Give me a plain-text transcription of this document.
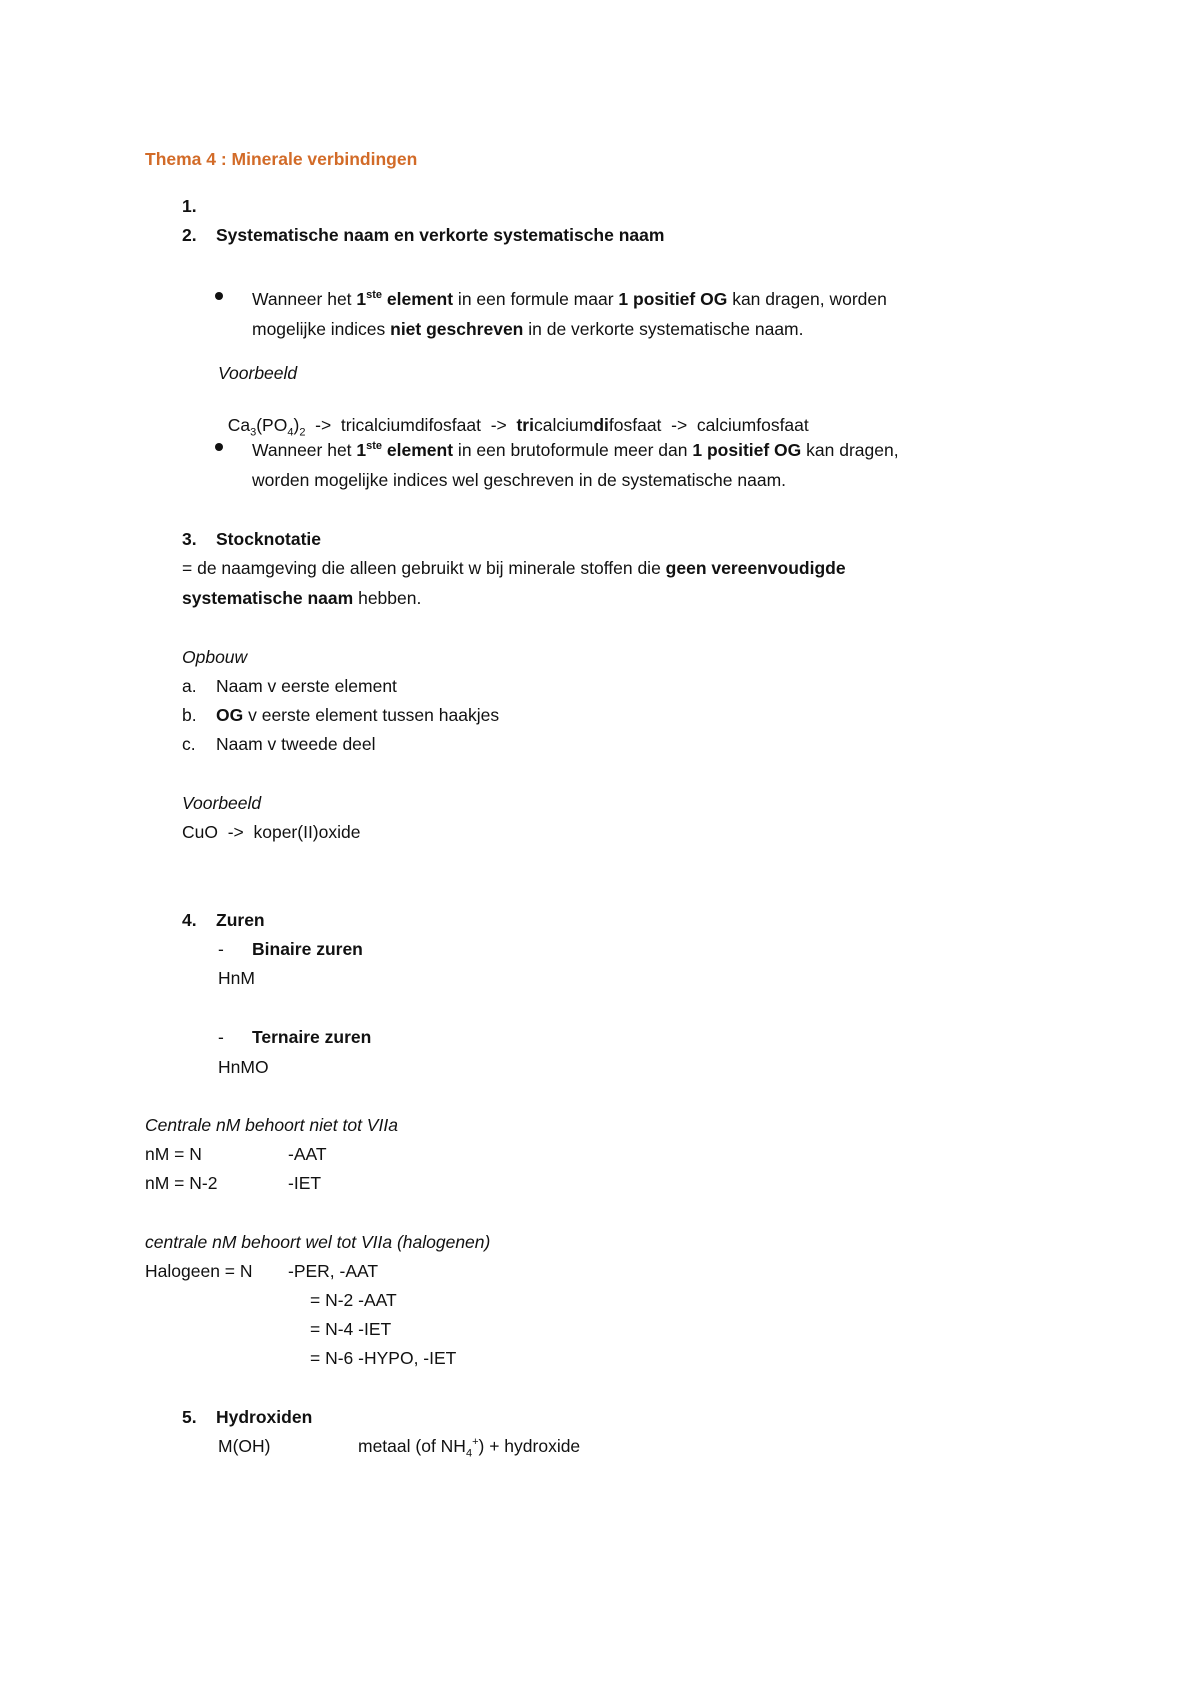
Thema 4 : Minerale verbindingen
1.
2. Systematische naam en verkorte systematische naam
Wanneer het 1ste element in een formule maar 1 positief OG kan dragen, worden
mogelijke indices niet geschreven in de verkorte systematische naam.
Voorbeeld

$Ca_3(PO_4)_2$  ->  tricalciumdifosfaat  ->  tricalciumdifosfaat  ->  calciumfosfaat

Wanneer het 1ste element in een brutoformule meer dan 1 positief OG kan dragen,
worden mogelijke indices wel geschreven in de systematische naam.
3. Stocknotatie
= de naamgeving die alleen gebruikt w bij minerale stoffen die geen vereenvoudigde
systematische naam hebben.
Opbouw
a. Naam v eerste element
b. OG v eerste element tussen haakjes
c. Naam v tweede deel
Voorbeeld
CuO  ->  koper(II)oxide
4. Zuren
- Binaire zuren
HnM
- Ternaire zuren
HnMO
Centrale nM behoort niet tot VIIa
nM = N	-AAT
nM = N-2	-IET
centrale nM behoort wel tot VIIa (halogenen)
Halogeen = N -PER, -AAT
= N-2 -AAT
= N-4 -IET
= N-6 -HYPO, -IET
5. Hydroxiden
M(OH)	metaal (of $NH_4^+$) + hydroxide
